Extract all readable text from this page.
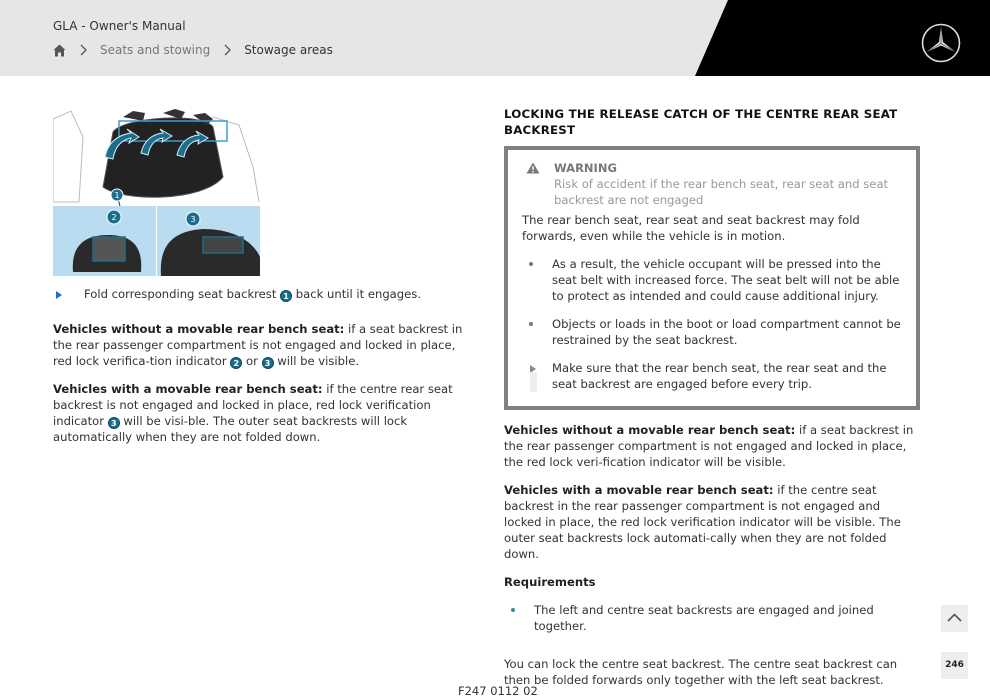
GLA - Owner's Manual
Seats and stowing	Stowage areas
1
2	3
Fold corresponding seat backrest 1 back until it engages.
Vehicles without a movable rear bench seat: if a seat backrest in the rear passenger compartment is not engaged and locked in place, red lock verifica-tion indicator 2 or 3 will be visible.
Vehicles with a movable rear bench seat: if the centre rear seat backrest is not engaged and locked in place, red lock verification indicator 3 will be visi-ble. The outer seat backrests will lock automatically when they are not folded down.
LOCKING THE RELEASE CATCH OF THE CENTRE REAR SEAT BACKREST
WARNING
Risk of accident if the rear bench seat, rear seat and seat backrest are not engaged
The rear bench seat, rear seat and seat backrest may fold forwards, even while the vehicle is in motion.
As a result, the vehicle occupant will be pressed into the seat belt with increased force. The seat belt will not be able to protect as intended and could cause additional injury.
Objects or loads in the boot or load compartment cannot be restrained by the seat backrest.
Make sure that the rear bench seat, the rear seat and the seat backrest are engaged before every trip.
Vehicles without a movable rear bench seat: if a seat backrest in the rear passenger compartment is not engaged and locked in place, the red lock veri-fication indicator will be visible.
Vehicles with a movable rear bench seat: if the centre seat backrest in the rear passenger compartment is not engaged and locked in place, the red lock verification indicator will be visible. The outer seat backrests lock automati-cally when they are not folded down.
Requirements
The left and centre seat backrests are engaged and joined together.
You can lock the centre seat backrest. The centre seat backrest can then be folded forwards only together with the left seat backrest.
246
F247 0112 02
